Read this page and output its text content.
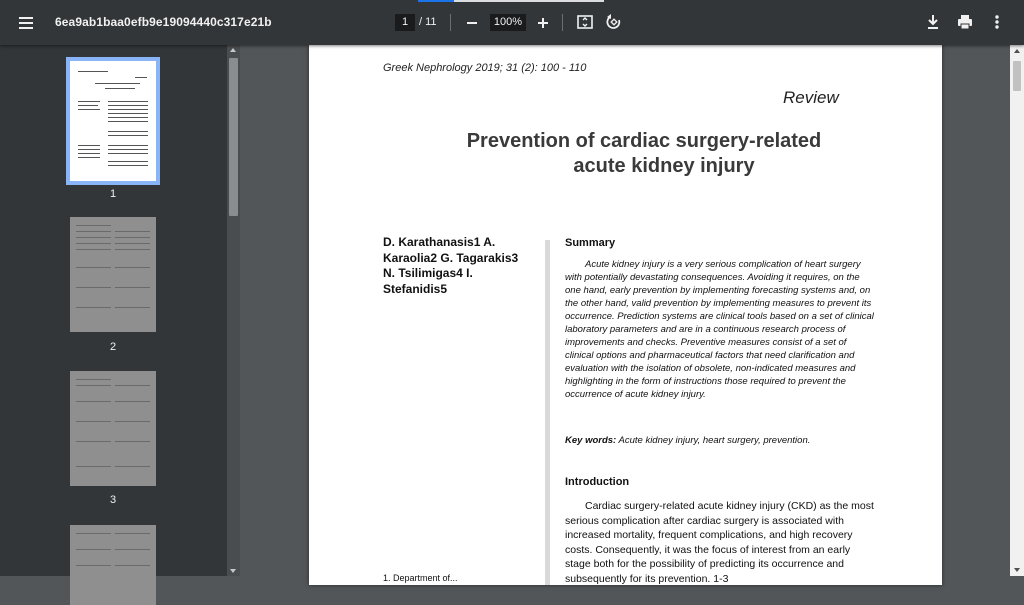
6ea9ab1baa0efb9e19094440c317e21b	1 / 11	100%
1
2
3
Greek Nephrology 2019; 31 (2): 100 - 110
Review
Prevention of cardiac surgery-related
acute kidney injury
D. Karathanasis1 A. Karaolia2 G. Tagarakis3 N. Tsilimigas4 I. Stefanidis5
Summary
Acute kidney injury is a very serious complication of heart surgery with potentially devastating consequences. Avoiding it requires, on the one hand, early prevention by implementing forecasting systems and, on the other hand, valid prevention by implementing measures to prevent its occurrence. Prediction systems are clinical tools based on a set of clinical laboratory parameters and are in a continuous research process of improvements and checks. Preventive measures consist of a set of clinical options and pharmaceutical factors that need clarification and evaluation with the isolation of obsolete, non-indicated measures and highlighting in the form of instructions those required to prevent the occurrence of acute kidney injury.
Key words: Acute kidney injury, heart surgery, prevention.
Introduction
Cardiac surgery-related acute kidney injury (CKD) as the most serious complication after cardiac surgery is associated with increased mortality, frequent complications, and high recovery costs. Consequently, it was the focus of interest from an early stage both for the possibility of predicting its occurrence and subsequently for its prevention. 1-3
1. Department of...
